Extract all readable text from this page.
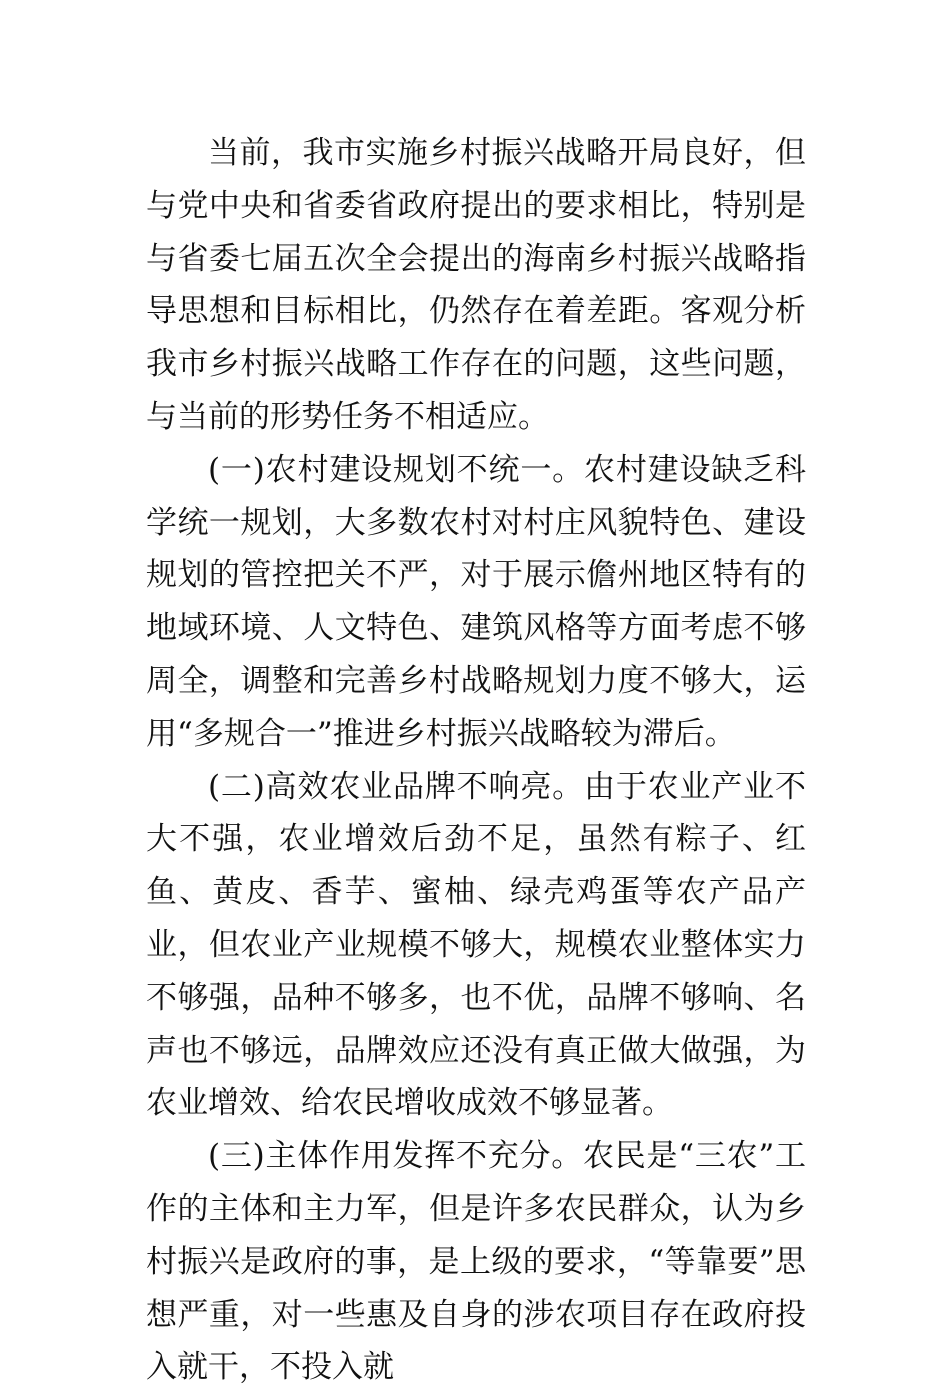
当前，我市实施乡村振兴战略开局良好，但与党中央和省委省政府提出的要求相比，特别是与省委七届五次全会提出的海南乡村振兴战略指导思想和目标相比，仍然存在着差距。客观分析我市乡村振兴战略工作存在的问题，这些问题，与当前的形势任务不相适应。

(一)农村建设规划不统一。农村建设缺乏科学统一规划，大多数农村对村庄风貌特色、建设规划的管控把关不严，对于展示儋州地区特有的地域环境、人文特色、建筑风格等方面考虑不够周全，调整和完善乡村战略规划力度不够大，运用“多规合一”推进乡村振兴战略较为滞后。

(二)高效农业品牌不响亮。由于农业产业不大不强，农业增效后劲不足，虽然有粽子、红鱼、黄皮、香芋、蜜柚、绿壳鸡蛋等农产品产业，但农业产业规模不够大，规模农业整体实力不够强，品种不够多，也不优，品牌不够响、名声也不够远，品牌效应还没有真正做大做强，为农业增效、给农民增收成效不够显著。

(三)主体作用发挥不充分。农民是“三农”工作的主体和主力军，但是许多农民群众，认为乡村振兴是政府的事，是上级的要求，“等靠要”思想严重，对一些惠及自身的涉农项目存在政府投入就干，不投入就
